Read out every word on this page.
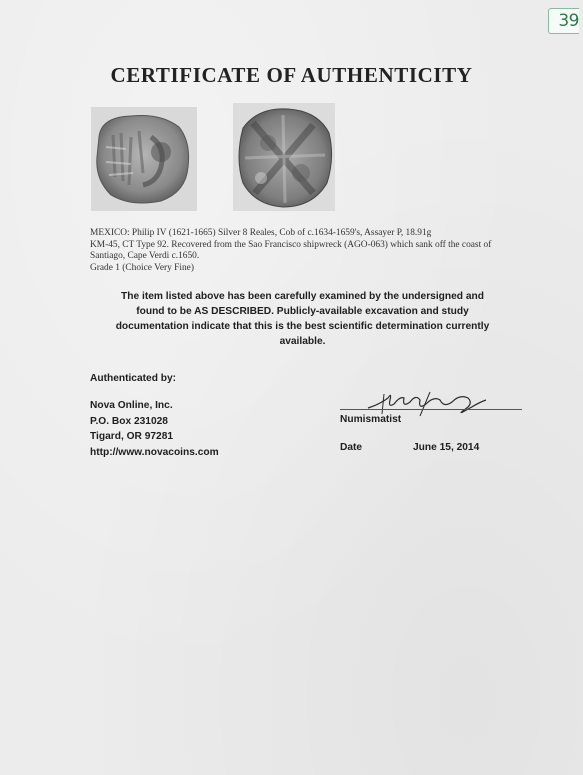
39
CERTIFICATE OF AUTHENTICITY
MEXICO: Philip IV (1621-1665) Silver 8 Reales, Cob of c.1634-1659's, Assayer P, 18.91g
KM-45, CT Type 92. Recovered from the Sao Francisco shipwreck (AGO-063) which sank off the coast of
Santiago, Cape Verdi c.1650.
Grade 1 (Choice Very Fine)
The item listed above has been carefully examined by the undersigned and
found to be AS DESCRIBED. Publicly-available excavation and study
documentation indicate that this is the best scientific determination currently
available.
Authenticated by:
Nova Online, Inc.
P.O. Box 231028
Tigard, OR 97281
http://www.novacoins.com
Numismatist
Date	June 15, 2014
